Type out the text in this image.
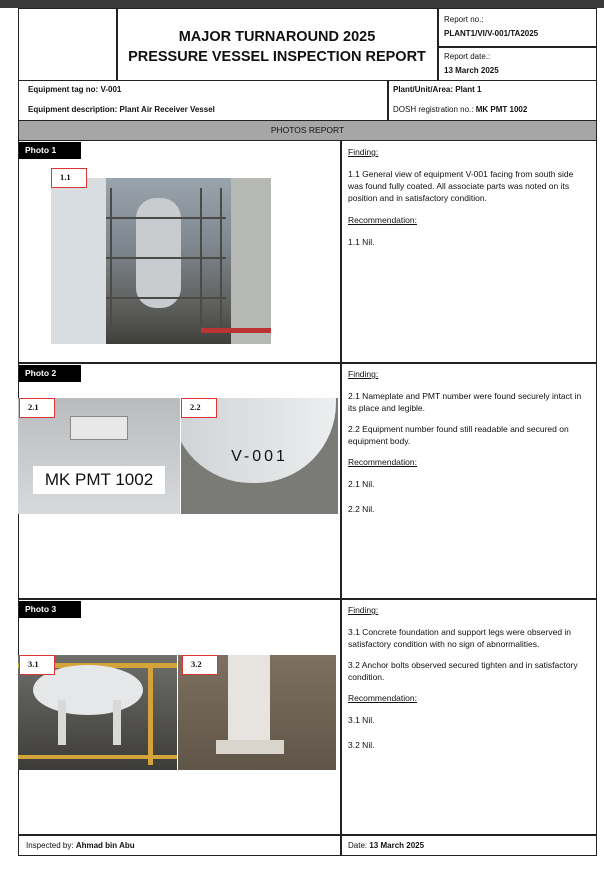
MAJOR TURNAROUND 2025
PRESSURE VESSEL INSPECTION REPORT
Report no.:
PLANT1/VI/V-001/TA2025
Report date.:
13 March 2025
Equipment tag no: V-001
Equipment description: Plant Air Receiver Vessel
Plant/Unit/Area: Plant 1
DOSH registration no.: MK PMT 1002
PHOTOS REPORT
Photo 1
1.1
Finding:
1.1 General view of equipment V-001 facing from south side was found fully coated. All associate parts was noted on its position and in satisfactory condition.
Recommendation:
1.1 Nil.
Photo 2
MK PMT 1002
V-001
2.1	2.2
Finding:
2.1 Nameplate and PMT number were found securely intact in its place and legible.
2.2 Equipment number found still readable and secured on equipment body.
Recommendation:
2.1 Nil.
2.2 Nil.
Photo 3
3.1	3.2
Finding:
3.1 Concrete foundation and support legs were observed in satisfactory condition with no sign of abnormalities.
3.2 Anchor bolts observed secured tighten and in satisfactory condition.
Recommendation:
3.1 Nil.
3.2 Nil.
Inspected by: Ahmad bin Abu	Date: 13 March 2025
